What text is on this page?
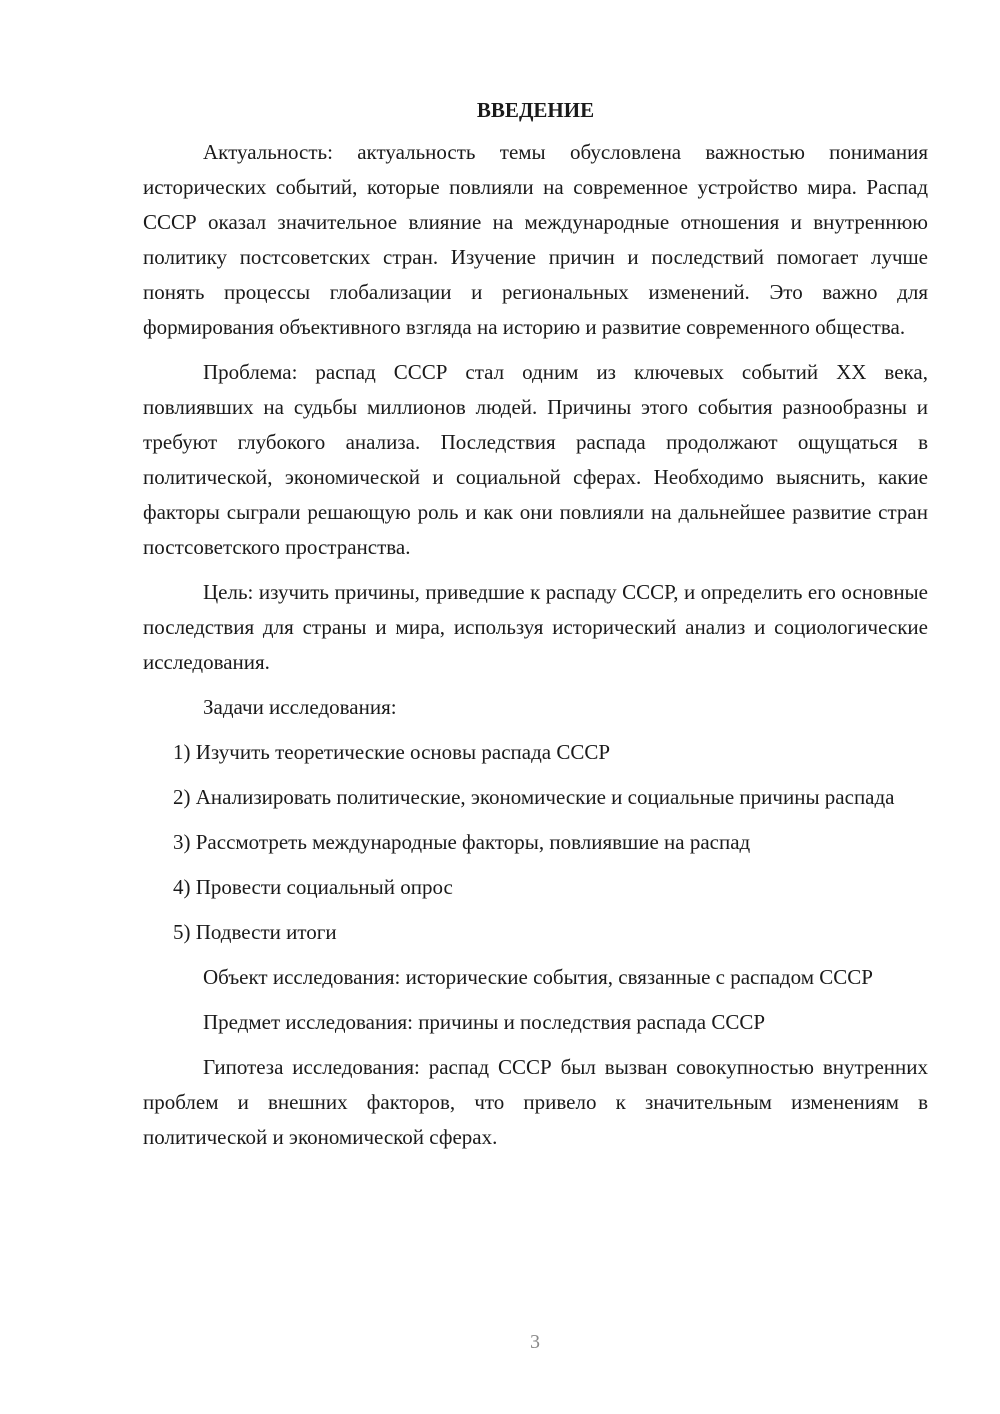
ВВЕДЕНИЕ

Актуальность: актуальность темы обусловлена важностью понимания исторических событий, которые повлияли на современное устройство мира. Распад СССР оказал значительное влияние на международные отношения и внутреннюю политику постсоветских стран. Изучение причин и последствий помогает лучше понять процессы глобализации и региональных изменений. Это важно для формирования объективного взгляда на историю и развитие современного общества.

Проблема: распад СССР стал одним из ключевых событий XX века, повлиявших на судьбы миллионов людей. Причины этого события разнообразны и требуют глубокого анализа. Последствия распада продолжают ощущаться в политической, экономической и социальной сферах. Необходимо выяснить, какие факторы сыграли решающую роль и как они повлияли на дальнейшее развитие стран постсоветского пространства.

Цель: изучить причины, приведшие к распаду СССР, и определить его основные последствия для страны и мира, используя исторический анализ и социологические исследования.

Задачи исследования:

1) Изучить теоретические основы распада СССР

2) Анализировать политические, экономические и социальные причины распада

3) Рассмотреть международные факторы, повлиявшие на распад

4) Провести социальный опрос

5) Подвести итоги

Объект исследования: исторические события, связанные с распадом СССР

Предмет исследования: причины и последствия распада СССР

Гипотеза исследования: распад СССР был вызван совокупностью внутренних проблем и внешних факторов, что привело к значительным изменениям в политической и экономической сферах.

3
